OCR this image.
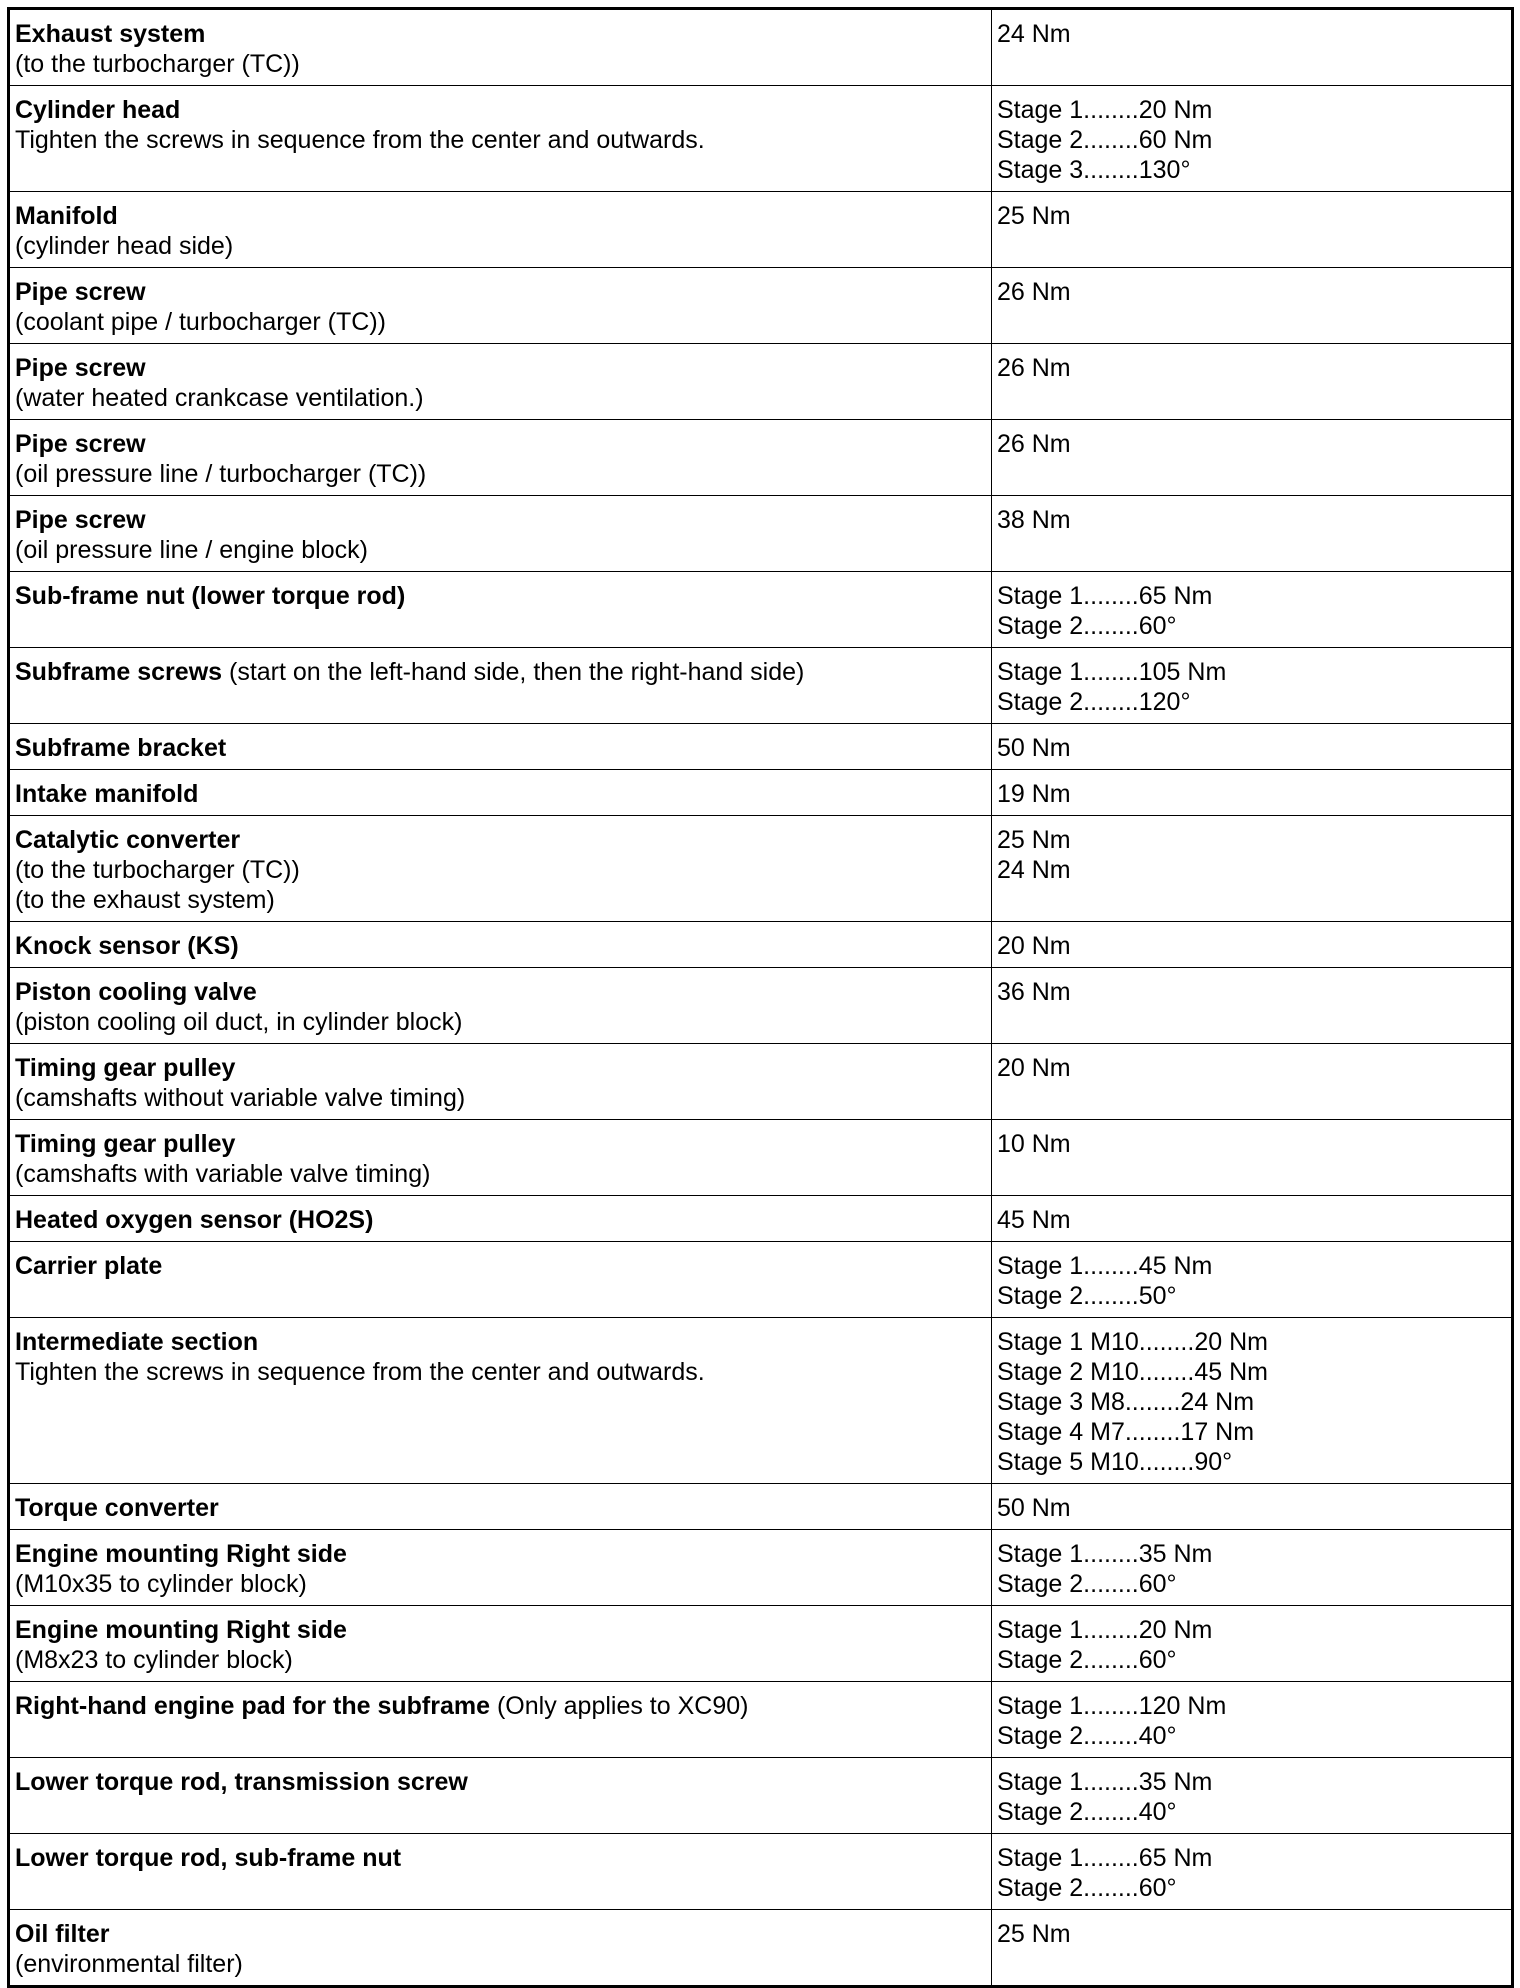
Exhaust system
(to the turbocharger (TC))	24 Nm

Cylinder head
Tighten the screws in sequence from the center and outwards.	Stage 1........20 Nm
Stage 2........60 Nm
Stage 3........130°

Manifold
(cylinder head side)	25 Nm

Pipe screw
(coolant pipe / turbocharger (TC))	26 Nm

Pipe screw
(water heated crankcase ventilation.)	26 Nm

Pipe screw
(oil pressure line / turbocharger (TC))	26 Nm

Pipe screw
(oil pressure line / engine block)	38 Nm

Sub-frame nut (lower torque rod)	Stage 1........65 Nm
Stage 2........60°

Subframe screws (start on the left-hand side, then the right-hand side)	Stage 1........105 Nm
Stage 2........120°

Subframe bracket	50 Nm

Intake manifold	19 Nm

Catalytic converter
(to the turbocharger (TC))
(to the exhaust system)	25 Nm
24 Nm

Knock sensor (KS)	20 Nm

Piston cooling valve
(piston cooling oil duct, in cylinder block)	36 Nm

Timing gear pulley
(camshafts without variable valve timing)	20 Nm

Timing gear pulley
(camshafts with variable valve timing)	10 Nm

Heated oxygen sensor (HO2S)	45 Nm

Carrier plate	Stage 1........45 Nm
Stage 2........50°

Intermediate section
Tighten the screws in sequence from the center and outwards.	Stage 1 M10........20 Nm
Stage 2 M10........45 Nm
Stage 3 M8........24 Nm
Stage 4 M7........17 Nm
Stage 5 M10........90°

Torque converter	50 Nm

Engine mounting Right side
(M10x35 to cylinder block)	Stage 1........35 Nm
Stage 2........60°

Engine mounting Right side
(M8x23 to cylinder block)	Stage 1........20 Nm
Stage 2........60°

Right-hand engine pad for the subframe (Only applies to XC90)	Stage 1........120 Nm
Stage 2........40°

Lower torque rod, transmission screw	Stage 1........35 Nm
Stage 2........40°

Lower torque rod, sub-frame nut	Stage 1........65 Nm
Stage 2........60°

Oil filter
(environmental filter)	25 Nm
